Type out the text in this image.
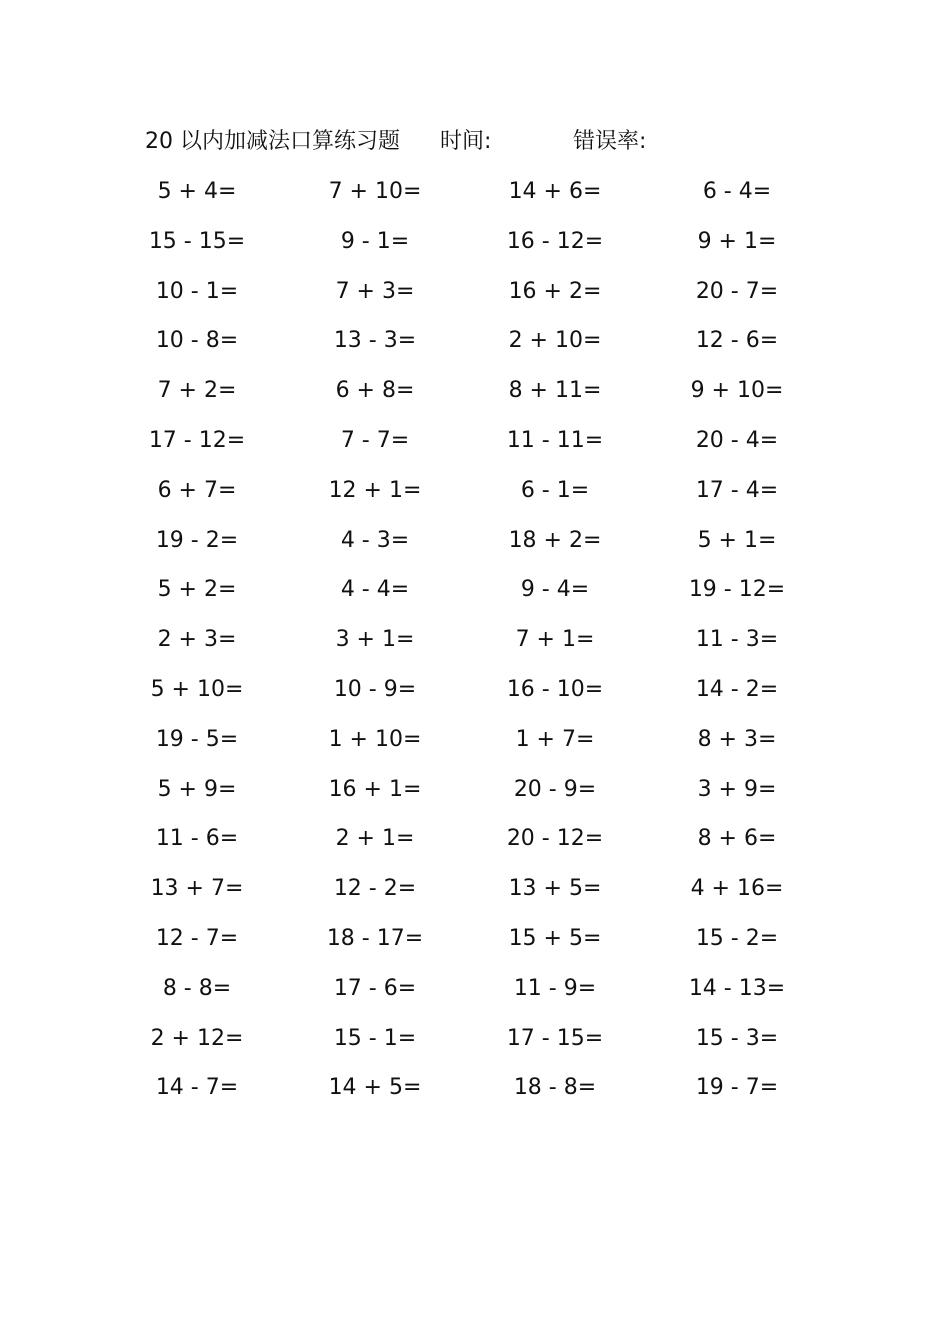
20 以内加减法口算练习题 时间:	错误率:
5 + 4=	7 + 10=	14 + 6=	6 - 4=
15 - 15=	9 - 1=	16 - 12=	9 + 1=
10 - 1=	7 + 3=	16 + 2=	20 - 7=
10 - 8=	13 - 3=	2 + 10=	12 - 6=
7 + 2=	6 + 8=	8 + 11=	9 + 10=
17 - 12=	7 - 7=	11 - 11=	20 - 4=
6 + 7=	12 + 1=	6 - 1=	17 - 4=
19 - 2=	4 - 3=	18 + 2=	5 + 1=
5 + 2=	4 - 4=	9 - 4=	19 - 12=
2 + 3=	3 + 1=	7 + 1=	11 - 3=
5 + 10=	10 - 9=	16 - 10=	14 - 2=
19 - 5=	1 + 10=	1 + 7=	8 + 3=
5 + 9=	16 + 1=	20 - 9=	3 + 9=
11 - 6=	2 + 1=	20 - 12=	8 + 6=
13 + 7=	12 - 2=	13 + 5=	4 + 16=
12 - 7=	18 - 17=	15 + 5=	15 - 2=
8 - 8=	17 - 6=	11 - 9=	14 - 13=
2 + 12=	15 - 1=	17 - 15=	15 - 3=
14 - 7=	14 + 5=	18 - 8=	19 - 7=
